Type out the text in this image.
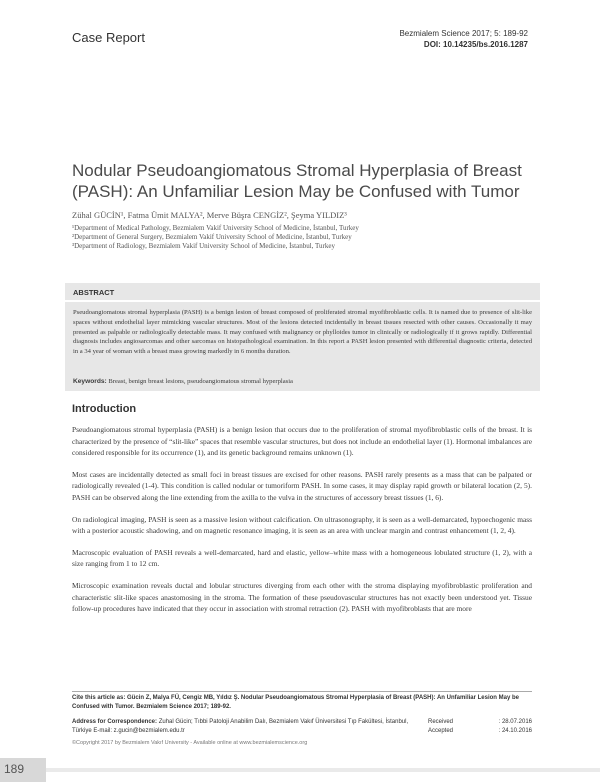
Case Report	Bezmialem Science 2017; 5: 189-92
DOI: 10.14235/bs.2016.1287
Nodular Pseudoangiomatous Stromal Hyperplasia of Breast (PASH): An Unfamiliar Lesion May be Confused with Tumor
Zühal GÜCİN¹, Fatma Ümit MALYA², Merve Büşra CENGİZ², Şeyma YILDIZ³
¹Department of Medical Pathology, Bezmialem Vakif University School of Medicine, İstanbul, Turkey
²Department of General Surgery, Bezmialem Vakif University School of Medicine, İstanbul, Turkey
³Department of Radiology, Bezmialem Vakif University School of Medicine, İstanbul, Turkey
ABSTRACT
Pseudoangiomatous stromal hyperplasia (PASH) is a benign lesion of breast composed of proliferated stromal myofibroblastic cells. It is named due to presence of slit-like spaces without endothelial layer mimicking vascular structures. Most of the lesions detected incidentally in breast tissues resected with other causes. Occasionally it may presented as palpable or radiologically detectable mass. It may confused with malignancy or phylloides tumor in clinically or radiologically if it grows rapidly. Differential diagnosis includes angiosarcomas and other sarcomas on histopathological examination. In this report a PASH lesion presented with differential diagnostic criteria, detected in a 34 year of woman with a breast mass growing markedly in 6 months duration.
Keywords: Breast, benign breast lesions, pseudoangiomatous stromal hyperplasia
Introduction

Pseudoangiomatous stromal hyperplasia (PASH) is a benign lesion that occurs due to the proliferation of stromal myofibroblastic cells of the breast. It is characterized by the presence of “slit-like” spaces that resemble vascular structures, but does not include an endothelial layer (1). Hormonal imbalances are considered responsible for its occurrence (1), and its genetic background remains unknown (1).

Most cases are incidentally detected as small foci in breast tissues are excised for other reasons. PASH rarely presents as a mass that can be palpated or radiologically revealed (1-4). This condition is called nodular or tumoriform PASH. In some cases, it may display rapid growth or bilateral location (2, 5). PASH can be observed along the line extending from the axilla to the vulva in the structures of accessory breast tissues (1, 6).

On radiological imaging, PASH is seen as a massive lesion without calcification. On ultrasonography, it is seen as a well-demarcated, hypoechogenic mass with a posterior acoustic shadowing, and on magnetic resonance imaging, it is seen as an area with unclear margin and contrast enhancement (1, 2, 4).

Macroscopic evaluation of PASH reveals a well-demarcated, hard and elastic, yellow–white mass with a homogeneous lobulated structure (1, 2), with a size ranging from 1 to 12 cm.

Microscopic examination reveals ductal and lobular structures diverging from each other with the stroma displaying myofibroblastic proliferation and characteristic slit-like spaces anastomosing in the stroma. The formation of these pseudovascular structures has not exactly been understood yet. Tissue follow-up procedures have indicated that they occur in association with stromal retraction (2). PASH with myofibroblasts that are more

Cite this article as: Gücin Z, Malya FÜ, Cengiz MB, Yıldız Ş. Nodular Pseudoangiomatous Stromal Hyperplasia of Breast (PASH): An Unfamiliar Lesion May be Confused with Tumor. Bezmialem Science 2017; 189-92.
Address for Correspondence: Zuhal Gücin; Tıbbi Patoloji Anabilim Dalı, Bezmialem Vakıf Üniversitesi Tıp Fakültesi, İstanbul, Türkiye E-mail: z.gucin@bezmialem.edu.tr
Received	: 28.07.2016
Accepted	: 24.10.2016
©Copyright 2017 by Bezmialem Vakıf University - Available online at www.bezmialemscience.org
189
